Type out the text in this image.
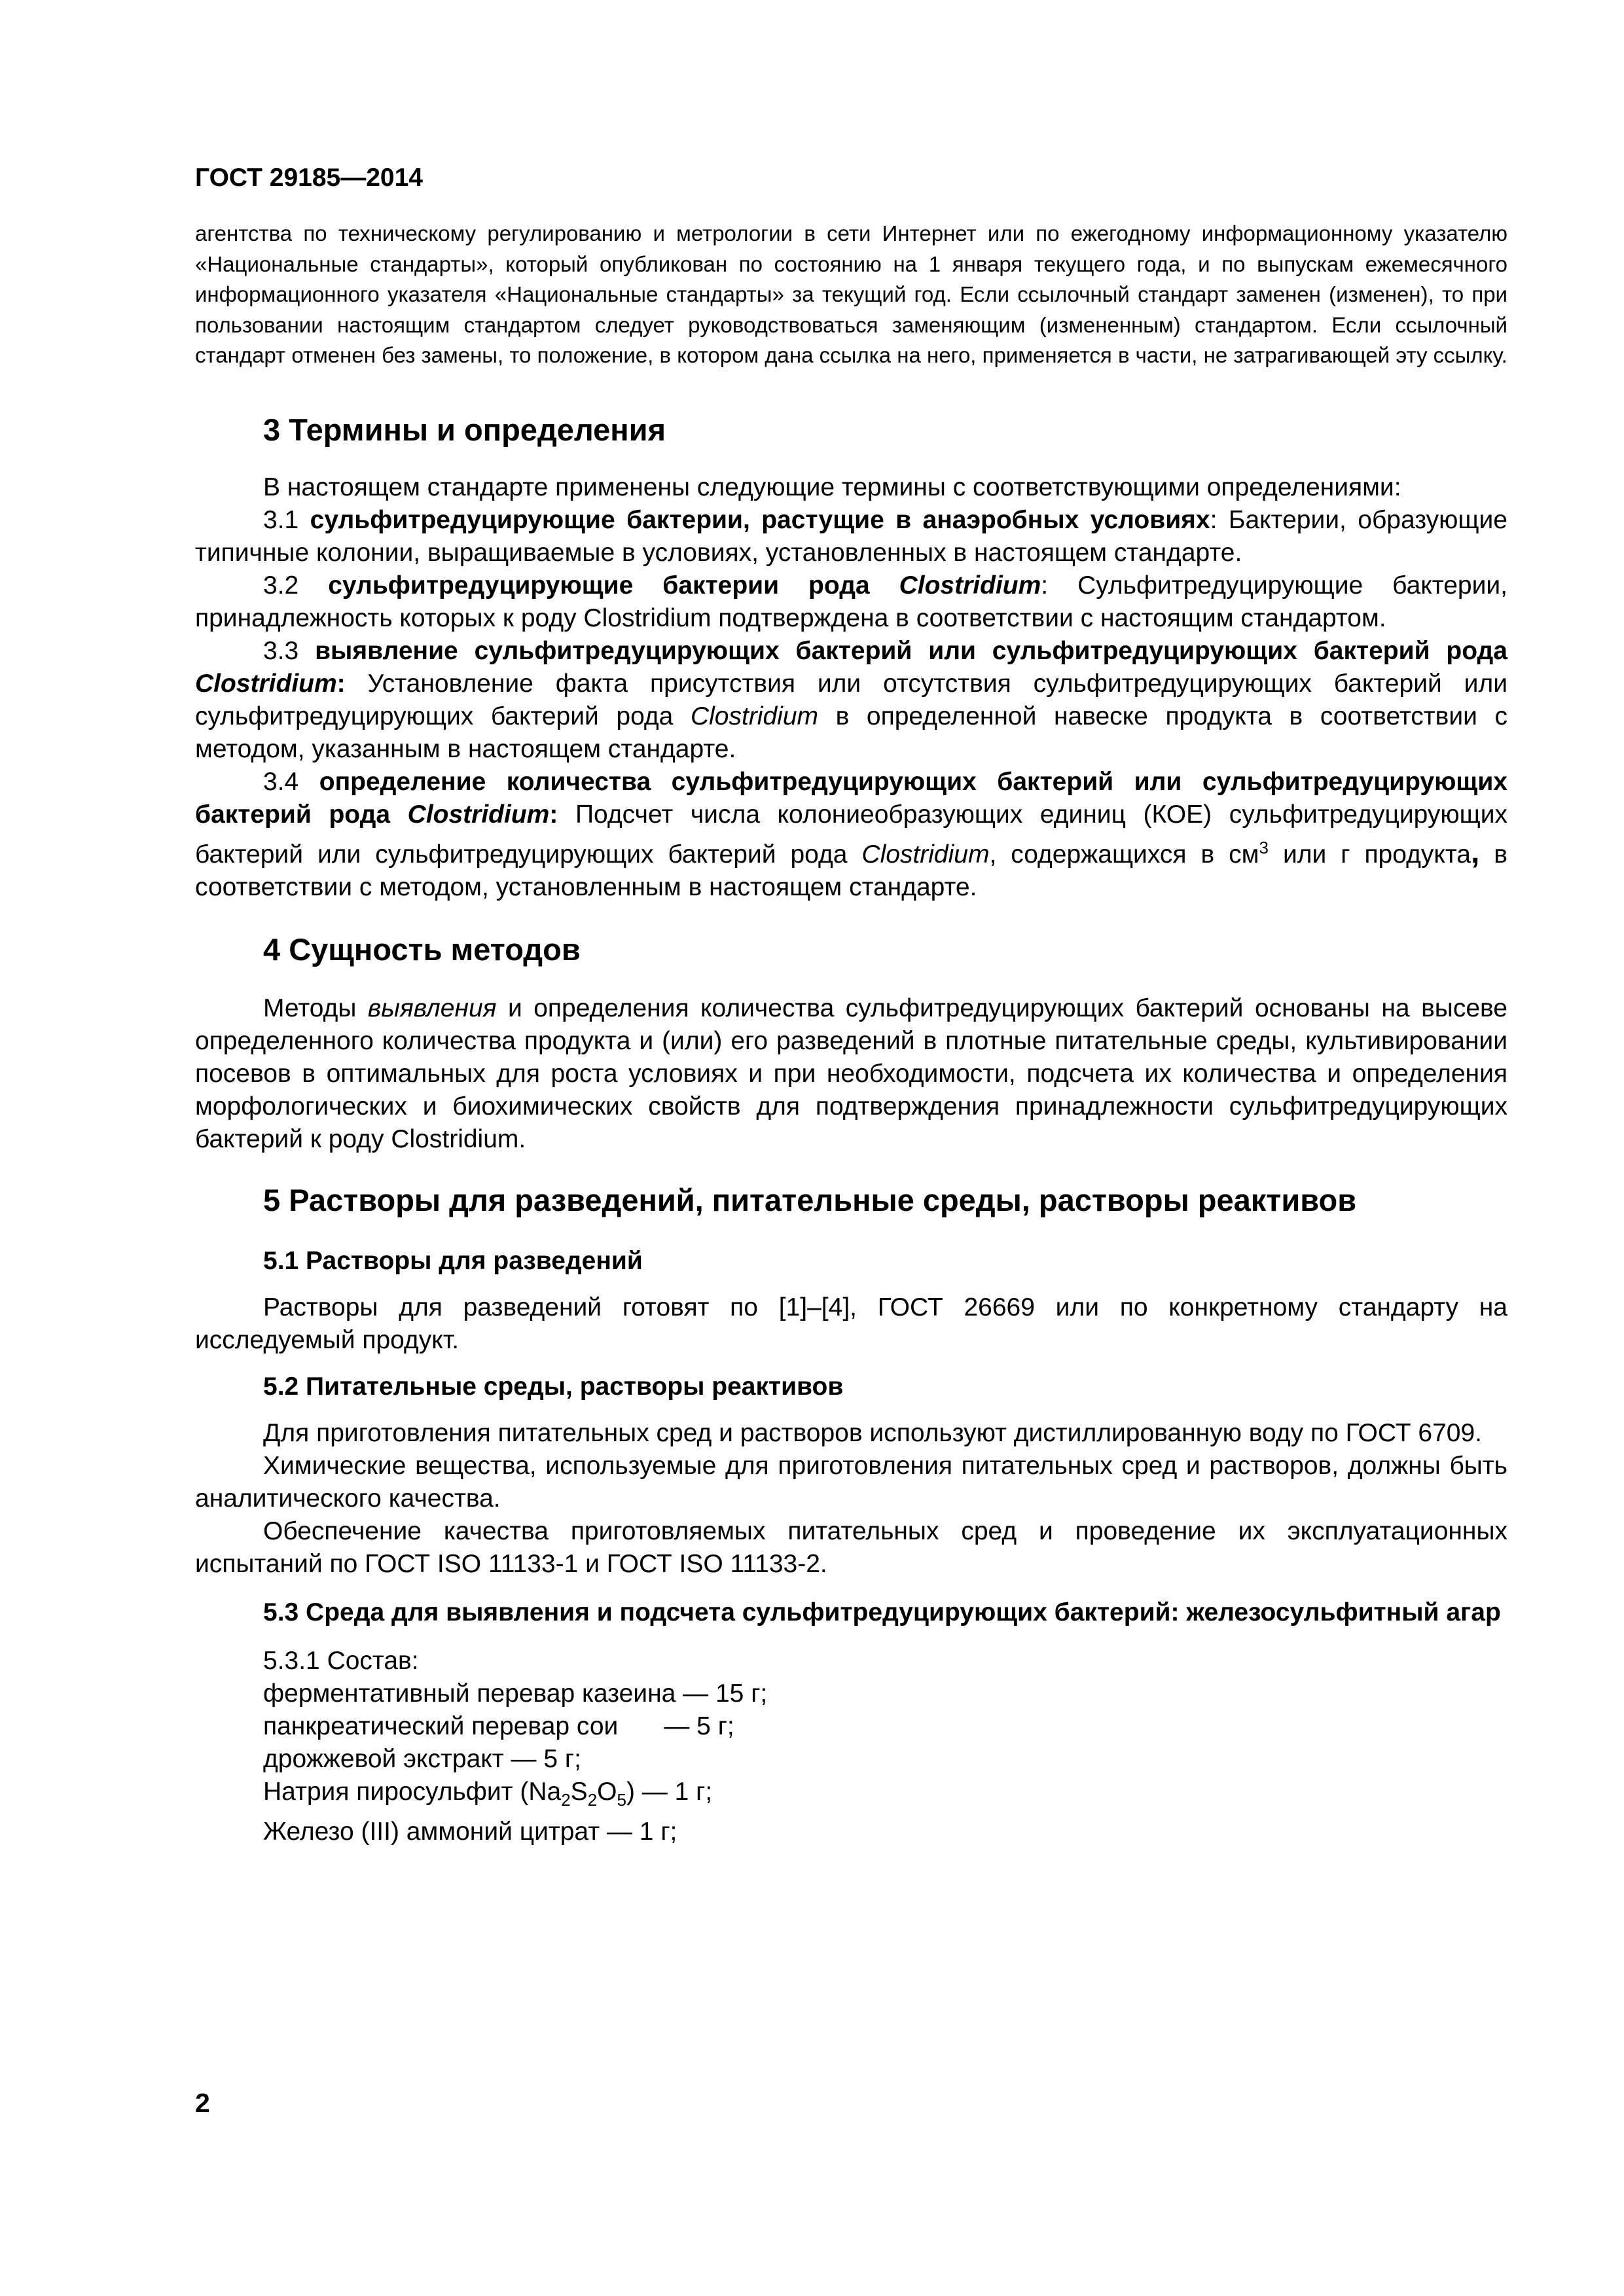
ГОСТ 29185—2014

агентства по техническому регулированию и метрологии в сети Интернет или по ежегодному информационному указателю «Национальные стандарты», который опубликован по состоянию на 1 января текущего года, и по выпускам ежемесячного информационного указателя «Национальные стандарты» за текущий год. Если ссылочный стандарт заменен (изменен), то при пользовании настоящим стандартом следует руководствоваться заменяющим (измененным) стандартом. Если ссылочный стандарт отменен без замены, то положение, в котором дана ссылка на него, применяется в части, не затрагивающей эту ссылку.

3 Термины и определения

В настоящем стандарте применены следующие термины с соответствующими определениями:

3.1 сульфитредуцирующие бактерии, растущие в анаэробных условиях: Бактерии, образующие типичные колонии, выращиваемые в условиях, установленных в настоящем стандарте.

3.2 сульфитредуцирующие бактерии рода Clostridium: Сульфитредуцирующие бактерии, принадлежность которых к роду Clostridium подтверждена в соответствии с настоящим стандартом.

3.3 выявление сульфитредуцирующих бактерий или сульфитредуцирующих бактерий рода Clostridium: Установление факта присутствия или отсутствия сульфитредуцирующих бактерий или сульфитредуцирующих бактерий рода Clostridium в определенной навеске продукта в соответствии с методом, указанным в настоящем стандарте.

3.4 определение количества сульфитредуцирующих бактерий или сульфитредуцирующих бактерий рода Clostridium: Подсчет числа колониеобразующих единиц (КОЕ) сульфитредуцирующих бактерий или сульфитредуцирующих бактерий рода Clostridium, содержащихся в $см^3$ или г продукта, в соответствии с методом, установленным в настоящем стандарте.

4 Сущность методов

Методы выявления и определения количества сульфитредуцирующих бактерий основаны на высеве определенного количества продукта и (или) его разведений в плотные питательные среды, культивировании посевов в оптимальных для роста условиях и при необходимости, подсчета их количества и определения морфологических и биохимических свойств для подтверждения принадлежности сульфитредуцирующих бактерий к роду Clostridium.

5 Растворы для разведений, питательные среды, растворы реактивов
5.1 Растворы для разведений

Растворы для разведений готовят по [1]–[4], ГОСТ 26669 или по конкретному стандарту на исследуемый продукт.

5.2 Питательные среды, растворы реактивов

Для приготовления питательных сред и растворов используют дистиллированную воду по ГОСТ 6709.

Химические вещества, используемые для приготовления питательных сред и растворов, должны быть аналитического качества.

Обеспечение качества приготовляемых питательных сред и проведение их эксплуатационных испытаний по ГОСТ ISO 11133-1 и ГОСТ ISO 11133-2.

5.3 Среда для выявления и подсчета сульфитредуцирующих бактерий: железосульфитный агар

5.3.1 Состав:

ферментативный перевар казеина — 15 г;

панкреатический перевар сои — 5 г;

дрожжевой экстракт — 5 г;

Натрия пиросульфит $(Na_2S_2O_5)$ — 1 г;

Железо (III) аммоний цитрат — 1 г;

2
